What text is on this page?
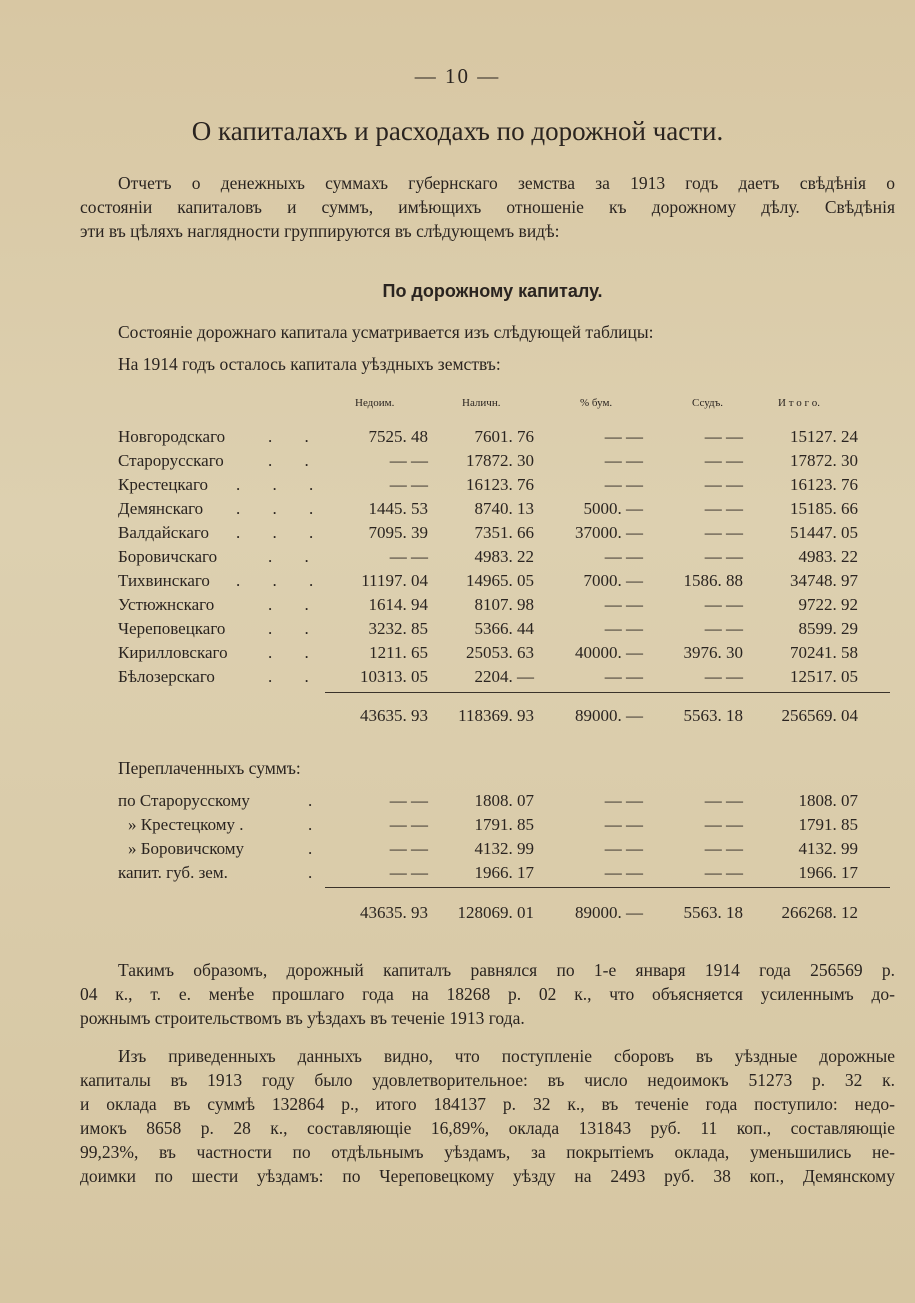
— 10 —
О капиталахъ и расходахъ по дорожной части.
Отчетъ о денежныхъ суммахъ губернскаго земства за 1913 годъ даетъ свѣдѣнія о
состояніи капиталовъ и суммъ, имѣющихъ отношеніе къ дорожному дѣлу. Свѣдѣнія
эти въ цѣляхъ наглядности группируются въ слѣдующемъ видѣ:
По дорожному капиталу.
Состояніе дорожнаго капитала усматривается изъ слѣдующей таблицы:
На 1914 годъ осталось капитала уѣздныхъ земствъ:
Недоим.	Наличн.	% бум.	Ссудъ.	И т о г о.
Новгородскаго	. .	7525. 48	7601. 76	— —	— —	15127. 24
Старорусскаго	. .	— —	17872. 30	— —	— —	17872. 30
Крестецкаго . . .	— —	16123. 76	— —	— —	16123. 76
Демянскаго . . .	1445. 53	8740. 13	5000. —	— —	15185. 66
Валдайскаго . . .	7095. 39	7351. 66	37000. —	— —	51447. 05
Боровичскаго	. .	— —	4983. 22	— —	— —	4983. 22
Тихвинскаго . . .	11197. 04	14965. 05	7000. — 1586. 88	34748. 97
Устюжнскаго	. .	1614. 94	8107. 98	— —	— —	9722. 92
Череповецкаго	. .	3232. 85	5366. 44	— —	— —	8599. 29
Кирилловскаго . .	1211. 65	25053. 63	40000. — 3976. 30	70241. 58
Бѣлозерскаго	. .	10313. 05	2204. —	— —	— —	12517. 05
43635. 93	118369. 93	89000. — 5563. 18	256569. 04
Переплаченныхъ суммъ:
по Старорусскому	.	— —	1808. 07	— —	— —	1808. 07
» Крестецкому .	.	— —	1791. 85	— —	— —	1791. 85
» Боровичскому	.	— —	4132. 99	— —	— —	4132. 99
капит. губ. зем.	.	— —	1966. 17	— —	— —	1966. 17
43635. 93	128069. 01	89000. — 5563. 18	266268. 12
Такимъ образомъ, дорожный капиталъ равнялся по 1-е января 1914 года 256569 р.
04 к., т. е. менѣе прошлаго года на 18268 р. 02 к., что объясняется усиленнымъ до-
рожнымъ строительствомъ въ уѣздахъ въ теченіе 1913 года.
Изъ приведенныхъ данныхъ видно, что поступленіе сборовъ въ уѣздные дорожные
капиталы въ 1913 году было удовлетворительное: въ число недоимокъ 51273 р. 32 к.
и оклада въ суммѣ 132864 р., итого 184137 р. 32 к., въ теченіе года поступило: недо-
имокъ 8658 р. 28 к., составляющіе 16,89%, оклада 131843 руб. 11 коп., составляющіе
99,23%, въ частности по отдѣльнымъ уѣздамъ, за покрытіемъ оклада, уменьшились не-
доимки по шести уѣздамъ: по Череповецкому уѣзду на 2493 руб. 38 коп., Демянскому
